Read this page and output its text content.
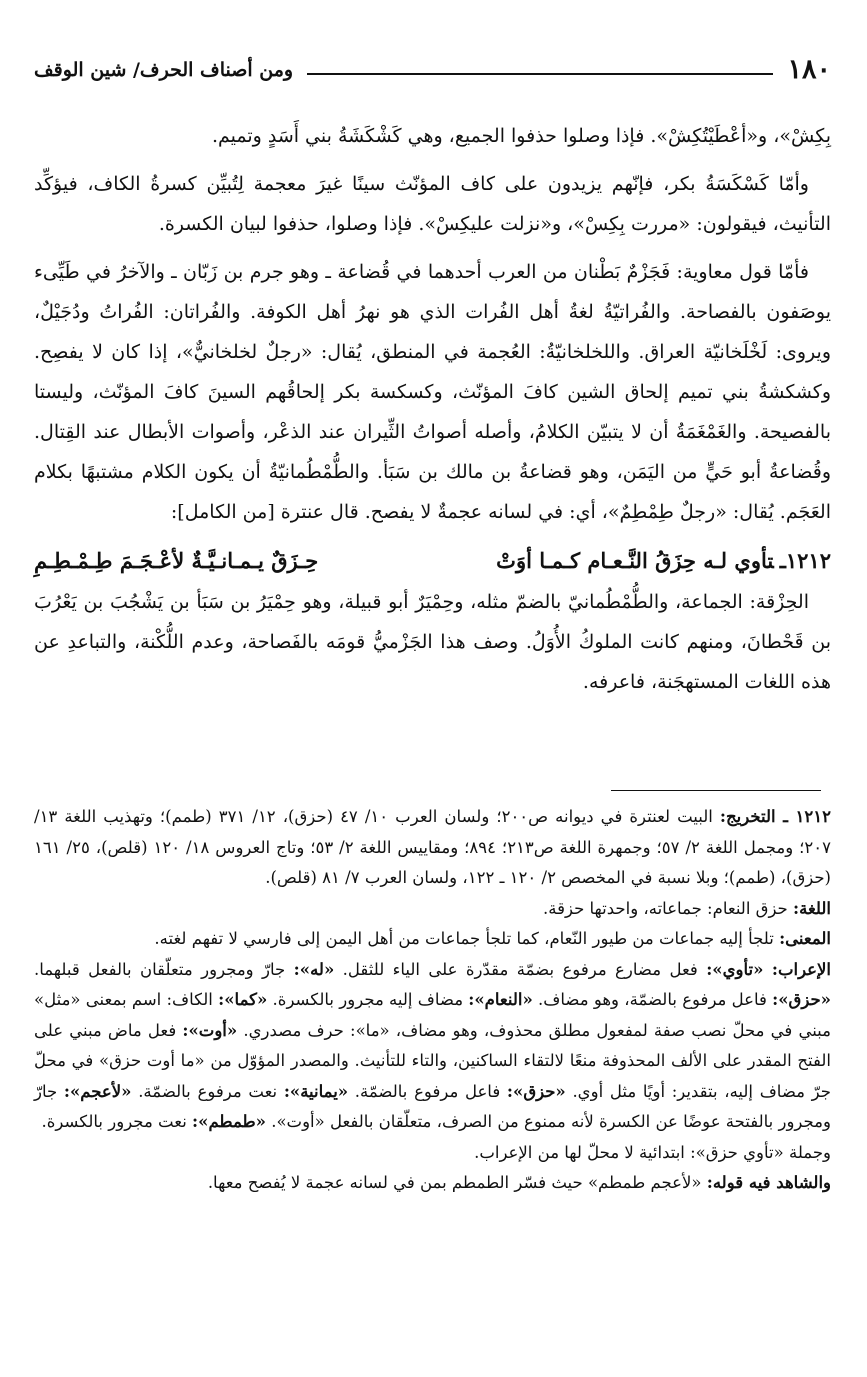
١٨٠
ومن أصناف الحرف/ شين الوقف

بِكِشْ»، و«أعْطَيْتُكِشْ». فإذا وصلوا حذفوا الجميع، وهي كَشْكَشَةُ بني أَسَدٍ وتميم.

وأمّا كَسْكَسَةُ بكر، فإنّهم يزيدون على كاف المؤنّث سينًا غيرَ معجمة لِتُبيِّن كسرةُ الكاف، فيؤكِّد التأنيث، فيقولون: «مررت بِكِسْ»، و«نزلت عليكِسْ». فإذا وصلوا، حذفوا لبيان الكسرة.

فأمّا قول معاوية: فَجَزْمٌ بَطْنان من العرب أحدهما في قُضاعة ـ وهو جرم بن زَبّان ـ والآخرُ في طَيِّىء يوصَفون بالفصاحة. والفُراتيّةُ لغةُ أهل الفُرات الذي هو نهرُ أهل الكوفة. والفُراتان: الفُراتُ ودُجَيْلٌ، ويروى: لَخْلَخانيّة العراق. واللخلخانيّةُ: العُجمة في المنطق، يُقال: «رجلٌ لخلخانيٌّ»، إذا كان لا يفصِح. وكشكشةُ بني تميم إلحاق الشين كافَ المؤنّث، وكسكسة بكر إلحاقُهم السينَ كافَ المؤنّث، وليستا بالفصيحة. والغَمْغَمَةُ أن لا يتبيّن الكلامُ، وأصله أصواتُ الثِّيران عند الذعْر، وأصوات الأبطال عند القِتال. وقُضاعةُ أبو حَيٍّ من اليَمَن، وهو قضاعةُ بن مالك بن سَبَأ. والطُّمْطُمانيّةُ أن يكون الكلام مشتبهًا بكلام العَجَم. يُقال: «رجلٌ طِمْطِمٌ»، أي: في لسانه عجمةٌ لا يفصح. قال عنترة [من الكامل]:

١٢١٢ـتأوي لـه حِزَقُ النَّـعـام كـمـا أوَتْ
حِـزَقٌ يـمـانـيَّـةٌ لأعْـجَـمَ طِـمْـطِـمِ

الحِزْقة: الجماعة، والطُّمْطُمانيّ بالضمّ مثله، وحِمْيَرٌ أبو قبيلة، وهو حِمْيَرُ بن سَبَأ بن يَشْجُبَ بن يَعْرُبَ بن قَحْطانَ، ومنهم كانت الملوكُ الأُوَلُ. وصف هذا الجَزْميُّ قومَه بالفَصاحة، وعدم اللُّكْنة، والتباعدِ عن هذه اللغات المستهجَنة، فاعرفه.

١٢١٢ ـ التخريج: البيت لعنترة في ديوانه ص٢٠٠؛ ولسان العرب ١٠/ ٤٧ (حزق)، ١٢/ ٣٧١ (طمم)؛ وتهذيب اللغة ١٣/ ٢٠٧؛ ومجمل اللغة ٢/ ٥٧؛ وجمهرة اللغة ص٢١٣؛ ٨٩٤؛ ومقاييس اللغة ٢/ ٥٣؛ وتاج العروس ١٨/ ١٢٠ (قلص)، ٢٥/ ١٦١ (حزق)، (طمم)؛ وبلا نسبة في المخصص ٢/ ١٢٠ ـ ١٢٢، ولسان العرب ٧/ ٨١ (قلص).

اللغة: حزق النعام: جماعاته، واحدتها حزقة.

المعنى: تلجأ إليه جماعات من طيور النّعام، كما تلجأ جماعات من أهل اليمن إلى فارسي لا تفهم لغته.

الإعراب: «تأوي»: فعل مضارع مرفوع بضمّة مقدّرة على الياء للثقل. «له»: جارّ ومجرور متعلّقان بالفعل قبلهما. «حزق»: فاعل مرفوع بالضمّة، وهو مضاف. «النعام»: مضاف إليه مجرور بالكسرة. «كما»: الكاف: اسم بمعنى «مثل» مبني في محلّ نصب صفة لمفعول مطلق محذوف، وهو مضاف، «ما»: حرف مصدري. «أوت»: فعل ماض مبني على الفتح المقدر على الألف المحذوفة منعًا لالتقاء الساكنين، والتاء للتأنيث. والمصدر المؤوّل من «ما أوت حزق» في محلّ جرّ مضاف إليه، بتقدير: أويًا مثل أوي. «حزق»: فاعل مرفوع بالضمّة. «يمانية»: نعت مرفوع بالضمّة. «لأعجم»: جارّ ومجرور بالفتحة عوضًا عن الكسرة لأنه ممنوع من الصرف، متعلّقان بالفعل «أوت». «طمطم»: نعت مجرور بالكسرة.

وجملة «تأوي حزق»: ابتدائية لا محلّ لها من الإعراب.

والشاهد فيه قوله: «لأعجم طمطم» حيث فسّر الطمطم بمن في لسانه عجمة لا يُفصح معها.
